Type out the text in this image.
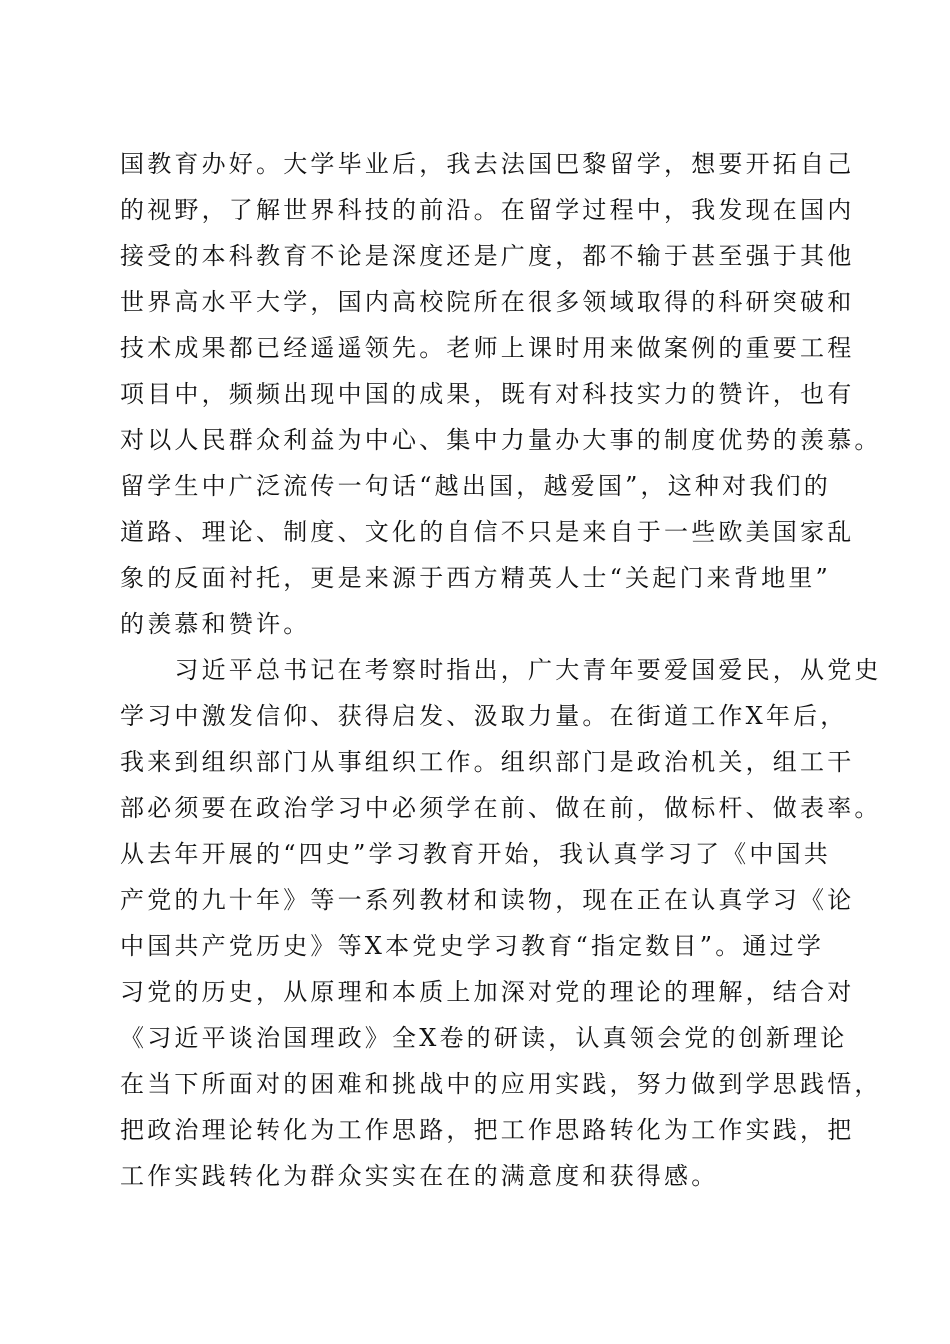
国教育办好。大学毕业后，我去法国巴黎留学，想要开拓自己
的视野，了解世界科技的前沿。在留学过程中，我发现在国内
接受的本科教育不论是深度还是广度，都不输于甚至强于其他
世界高水平大学，国内高校院所在很多领域取得的科研突破和
技术成果都已经遥遥领先。老师上课时用来做案例的重要工程
项目中，频频出现中国的成果，既有对科技实力的赞许，也有
对以人民群众利益为中心、集中力量办大事的制度优势的羡慕。
留学生中广泛流传一句话“越出国，越爱国”，这种对我们的
道路、理论、制度、文化的自信不只是来自于一些欧美国家乱
象的反面衬托，更是来源于西方精英人士“关起门来背地里”
的羡慕和赞许。
　　习近平总书记在考察时指出，广大青年要爱国爱民，从党史
学习中激发信仰、获得启发、汲取力量。在街道工作X年后，
我来到组织部门从事组织工作。组织部门是政治机关，组工干
部必须要在政治学习中必须学在前、做在前，做标杆、做表率。
从去年开展的“四史”学习教育开始，我认真学习了《中国共
产党的九十年》等一系列教材和读物，现在正在认真学习《论
中国共产党历史》等X本党史学习教育“指定数目”。通过学
习党的历史，从原理和本质上加深对党的理论的理解，结合对
《习近平谈治国理政》全X卷的研读，认真领会党的创新理论
在当下所面对的困难和挑战中的应用实践，努力做到学思践悟，
把政治理论转化为工作思路，把工作思路转化为工作实践，把
工作实践转化为群众实实在在的满意度和获得感。
